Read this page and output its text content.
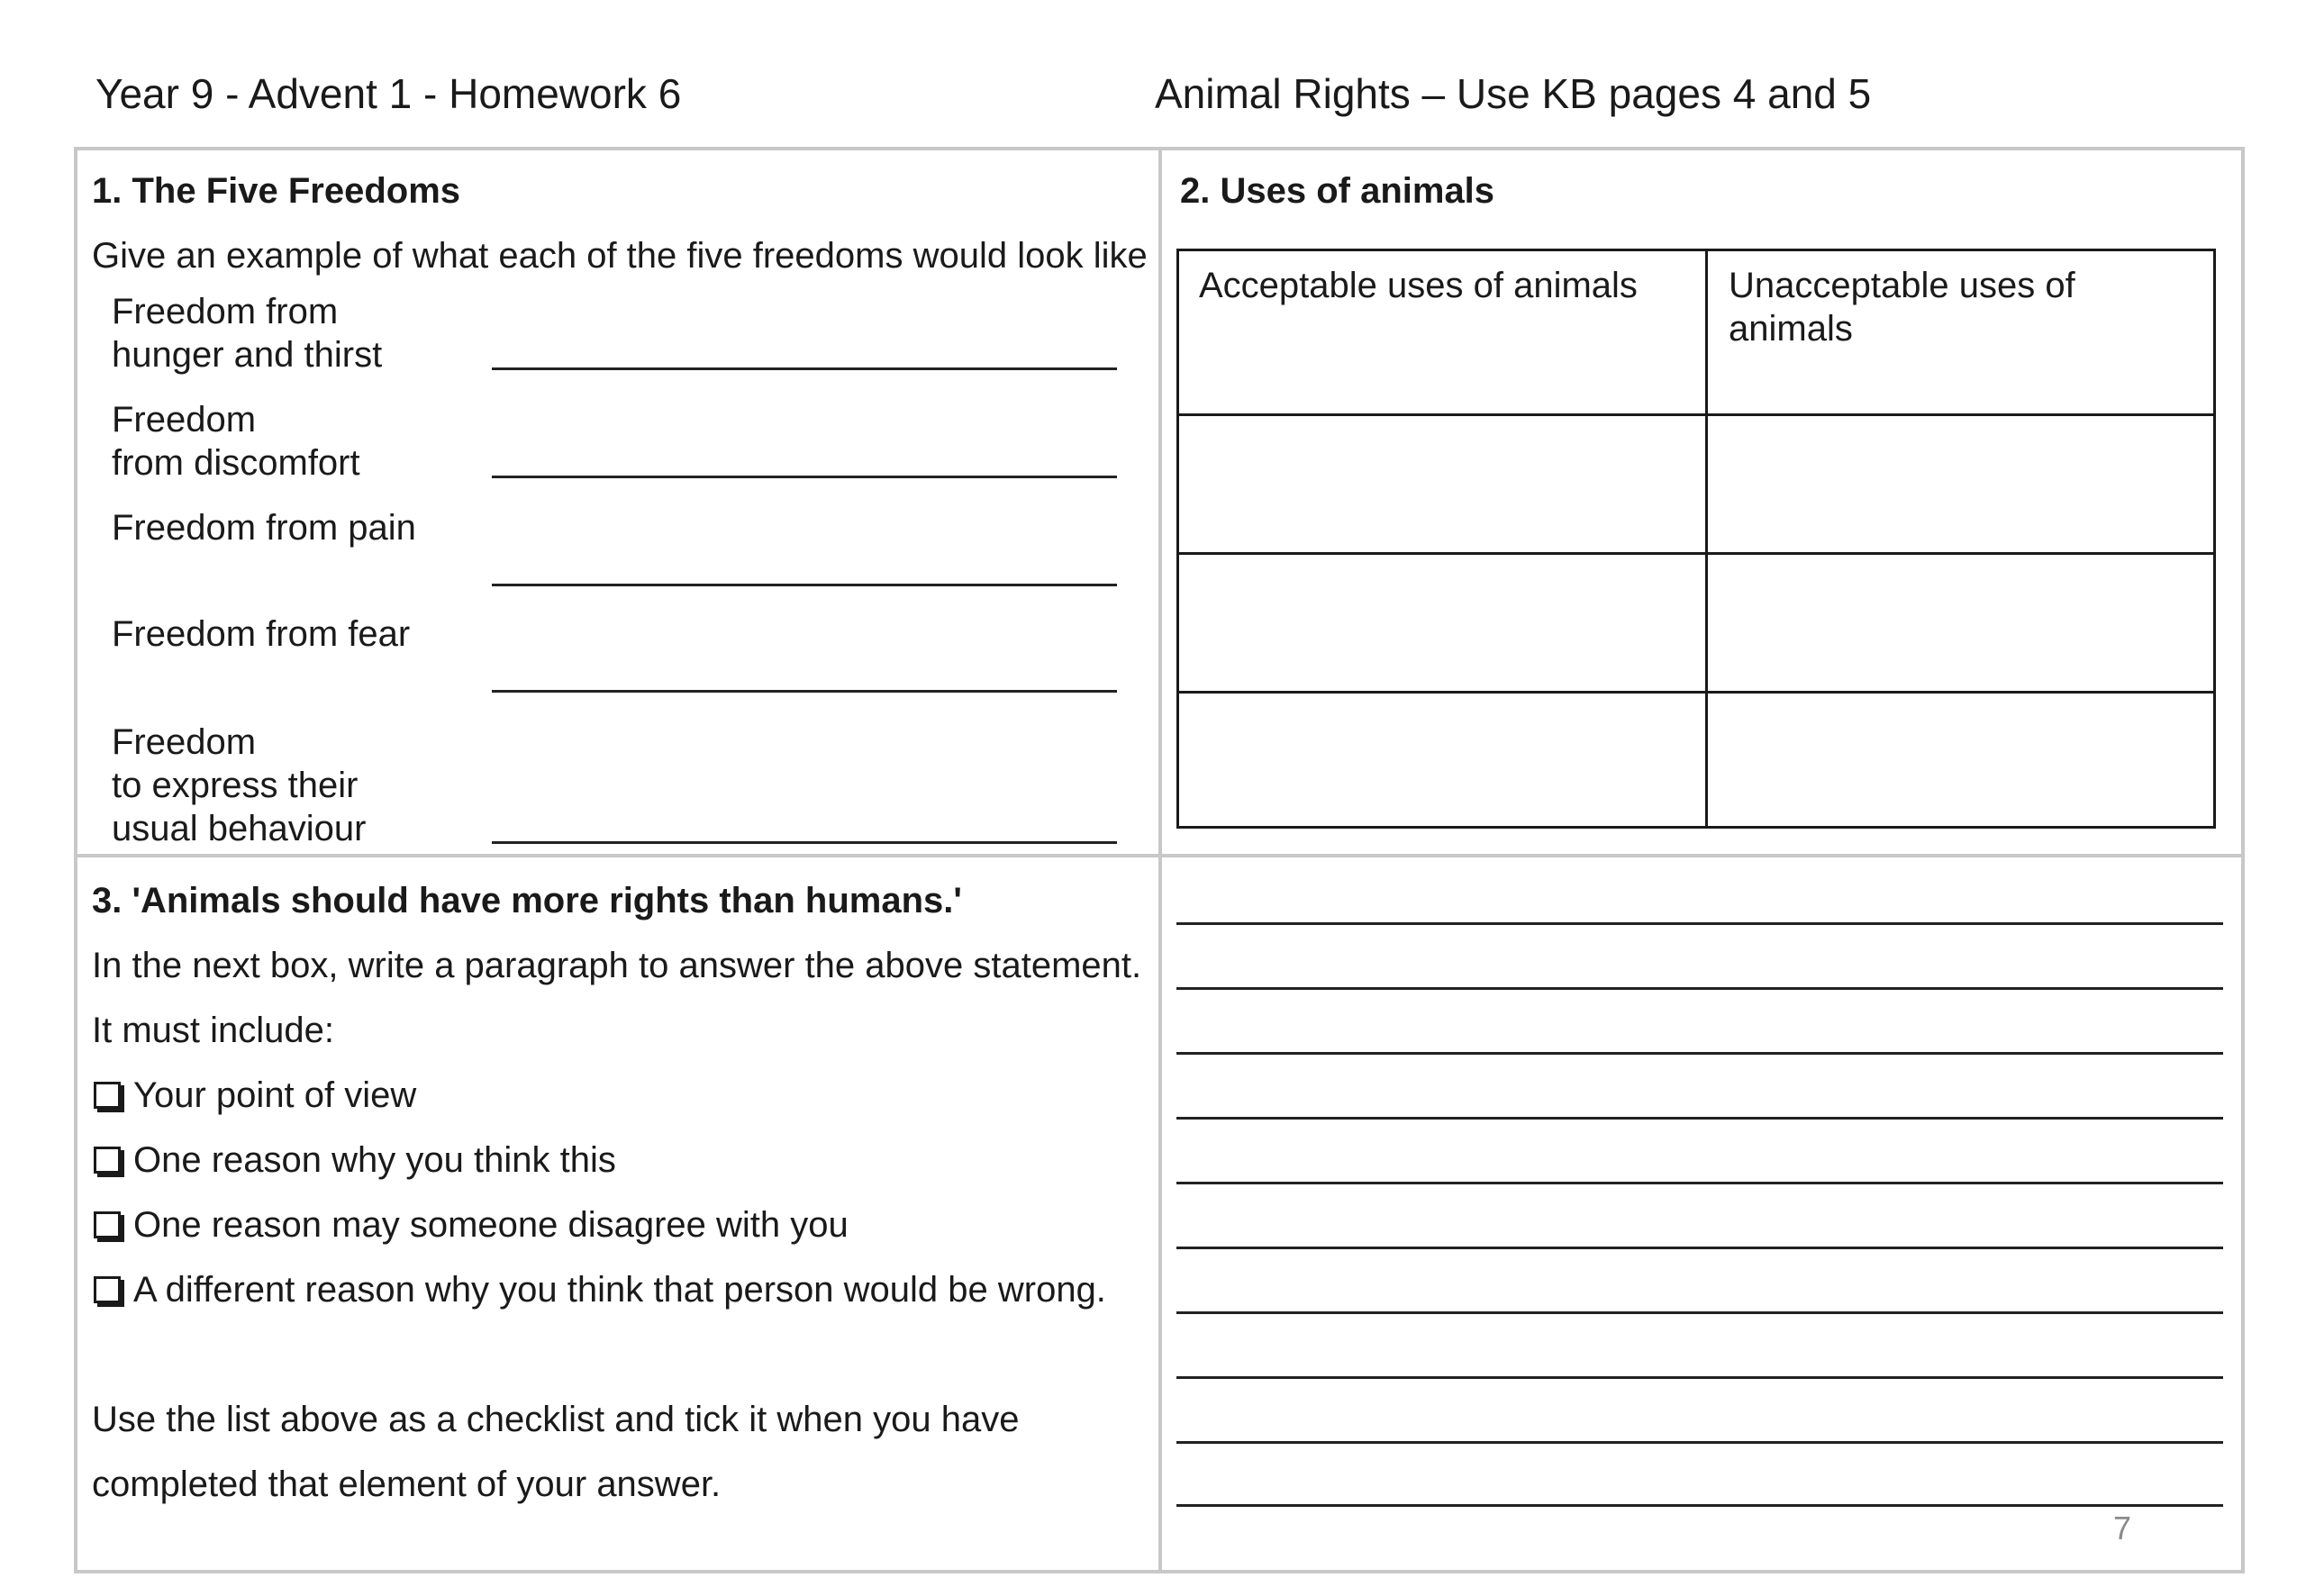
Year 9 - Advent 1 - Homework 6	Animal Rights – Use KB pages 4 and 5
1. The Five Freedoms
Give an example of what each of the five freedoms would look like
Freedom from
hunger and thirst
Freedom
from discomfort
Freedom from pain
Freedom from fear
Freedom
to express their
usual behaviour
2. Uses of animals
Acceptable uses of animals	Unacceptable uses of animals
3. 'Animals should have more rights than humans.'
In the next box, write a paragraph to answer the above statement.
It must include:
Your point of view
One reason why you think this
One reason may someone disagree with you
A different reason why you think that person would be wrong.
Use the list above as a checklist and tick it when you have
completed that element of your answer.
7
